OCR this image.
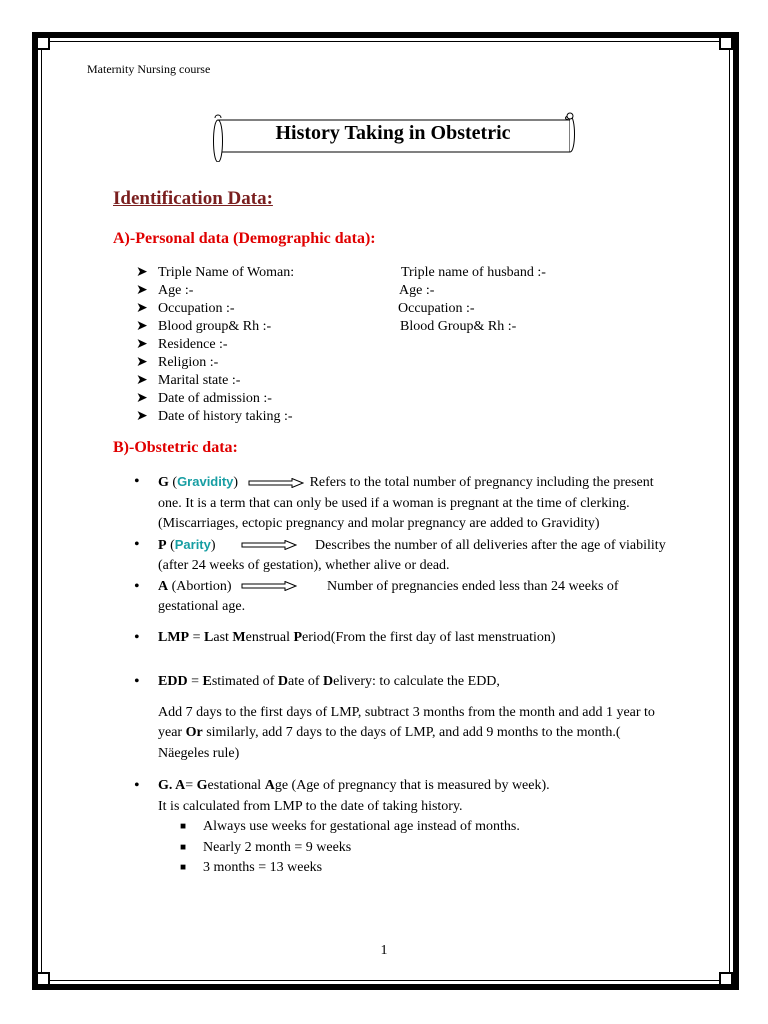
Maternity Nursing course
History Taking in Obstetric
Identification Data:
A)-Personal data (Demographic data):
➤ Triple Name of Woman:	Triple name of husband :-
➤ Age :-	Age :-
➤ Occupation :-	Occupation :-
➤ Blood group& Rh :-	Blood Group& Rh :-
➤ Residence :-
➤ Religion :-
➤ Marital state :-
➤ Date of admission :-
➤ Date of history taking :-
B)-Obstetric data:
• G (Gravidity)	Refers to the total number of pregnancy including the present one. It is a term that can only be used if a woman is pregnant at the time of clerking. (Miscarriages, ectopic pregnancy and molar pregnancy are added to Gravidity)
• P (Parity)	Describes the number of all deliveries after the age of viability (after 24 weeks of gestation), whether alive or dead.
• A (Abortion)	Number of pregnancies ended less than 24 weeks of gestational age.
• LMP = Last Menstrual Period(From the first day of last menstruation)
• EDD = Estimated of Date of Delivery: to calculate the EDD,
Add 7 days to the first days of LMP, subtract 3 months from the month and add 1 year to year Or similarly, add 7 days to the days of LMP, and add 9 months to the month.( Näegeles rule)
• G. A= Gestational Age (Age of pregnancy that is measured by week).
It is calculated from LMP to the date of taking history.
■ Always use weeks for gestational age instead of months.
■ Nearly 2 month = 9 weeks
■ 3 months = 13 weeks
1
